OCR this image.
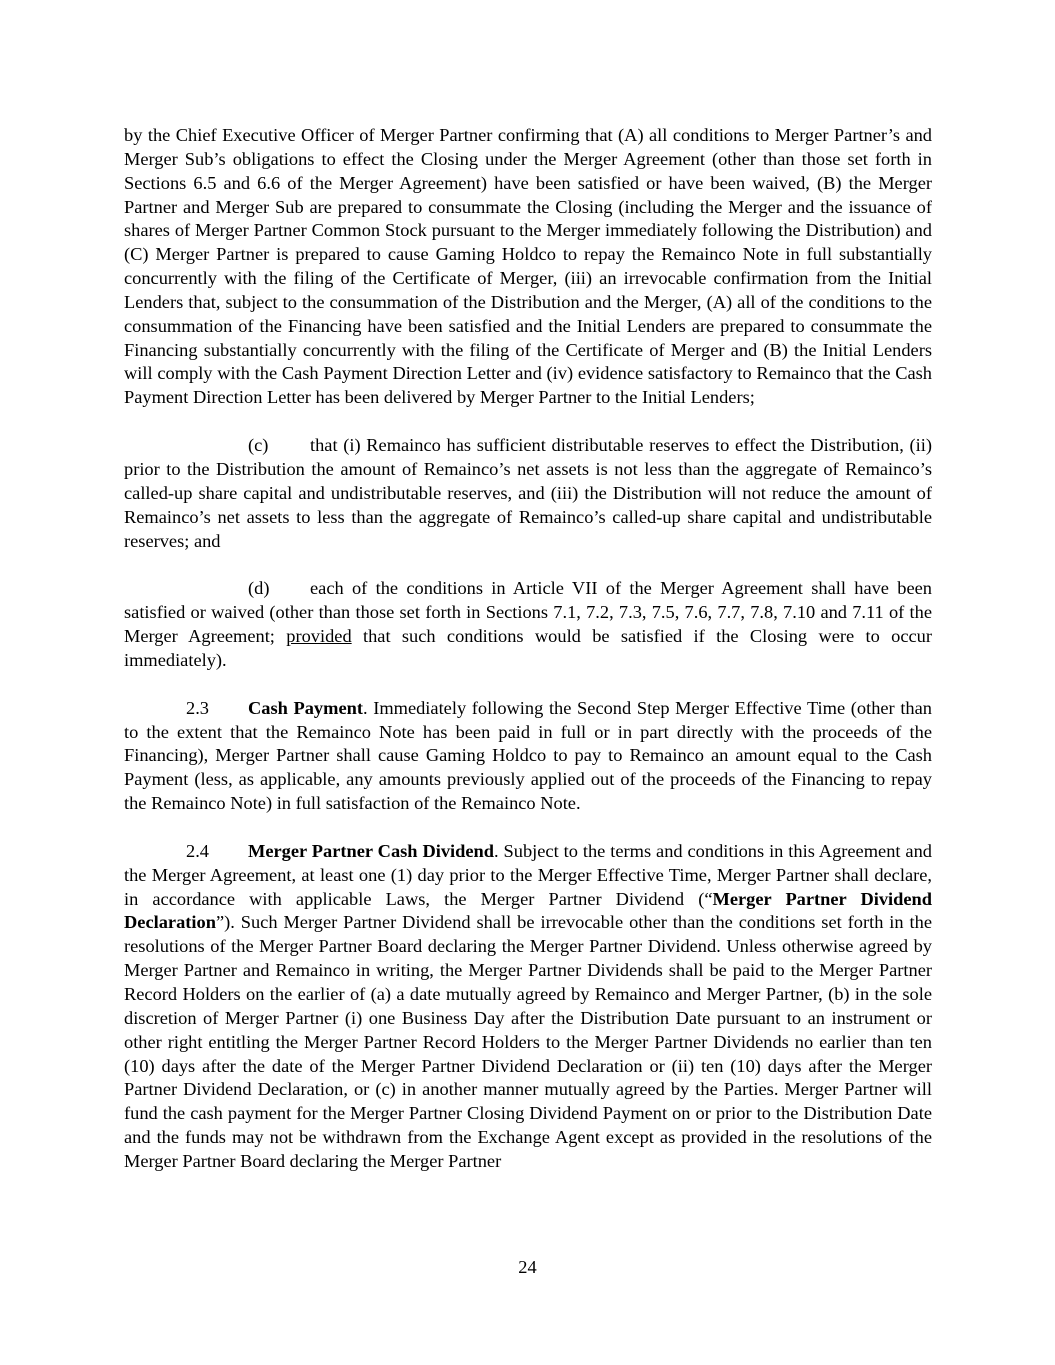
by the Chief Executive Officer of Merger Partner confirming that (A) all conditions to Merger Partner’s and Merger Sub’s obligations to effect the Closing under the Merger Agreement (other than those set forth in Sections 6.5 and 6.6 of the Merger Agreement) have been satisfied or have been waived, (B) the Merger Partner and Merger Sub are prepared to consummate the Closing (including the Merger and the issuance of shares of Merger Partner Common Stock pursuant to the Merger immediately following the Distribution) and (C) Merger Partner is prepared to cause Gaming Holdco to repay the Remainco Note in full substantially concurrently with the filing of the Certificate of Merger, (iii) an irrevocable confirmation from the Initial Lenders that, subject to the consummation of the Distribution and the Merger, (A) all of the conditions to the consummation of the Financing have been satisfied and the Initial Lenders are prepared to consummate the Financing substantially concurrently with the filing of the Certificate of Merger and (B) the Initial Lenders will comply with the Cash Payment Direction Letter and (iv) evidence satisfactory to Remainco that the Cash Payment Direction Letter has been delivered by Merger Partner to the Initial Lenders;

(c) that (i) Remainco has sufficient distributable reserves to effect the Distribution, (ii) prior to the Distribution the amount of Remainco’s net assets is not less than the aggregate of Remainco’s called-up share capital and undistributable reserves, and (iii) the Distribution will not reduce the amount of Remainco’s net assets to less than the aggregate of Remainco’s called-up share capital and undistributable reserves; and

(d) each of the conditions in Article VII of the Merger Agreement shall have been satisfied or waived (other than those set forth in Sections 7.1, 7.2, 7.3, 7.5, 7.6, 7.7, 7.8, 7.10 and 7.11 of the Merger Agreement; provided that such conditions would be satisfied if the Closing were to occur immediately).

2.3 Cash Payment. Immediately following the Second Step Merger Effective Time (other than to the extent that the Remainco Note has been paid in full or in part directly with the proceeds of the Financing), Merger Partner shall cause Gaming Holdco to pay to Remainco an amount equal to the Cash Payment (less, as applicable, any amounts previously applied out of the proceeds of the Financing to repay the Remainco Note) in full satisfaction of the Remainco Note.

2.4 Merger Partner Cash Dividend. Subject to the terms and conditions in this Agreement and the Merger Agreement, at least one (1) day prior to the Merger Effective Time, Merger Partner shall declare, in accordance with applicable Laws, the Merger Partner Dividend (“Merger Partner Dividend Declaration”). Such Merger Partner Dividend shall be irrevocable other than the conditions set forth in the resolutions of the Merger Partner Board declaring the Merger Partner Dividend. Unless otherwise agreed by Merger Partner and Remainco in writing, the Merger Partner Dividends shall be paid to the Merger Partner Record Holders on the earlier of (a) a date mutually agreed by Remainco and Merger Partner, (b) in the sole discretion of Merger Partner (i) one Business Day after the Distribution Date pursuant to an instrument or other right entitling the Merger Partner Record Holders to the Merger Partner Dividends no earlier than ten (10) days after the date of the Merger Partner Dividend Declaration or (ii) ten (10) days after the Merger Partner Dividend Declaration, or (c) in another manner mutually agreed by the Parties. Merger Partner will fund the cash payment for the Merger Partner Closing Dividend Payment on or prior to the Distribution Date and the funds may not be withdrawn from the Exchange Agent except as provided in the resolutions of the Merger Partner Board declaring the Merger Partner

24
